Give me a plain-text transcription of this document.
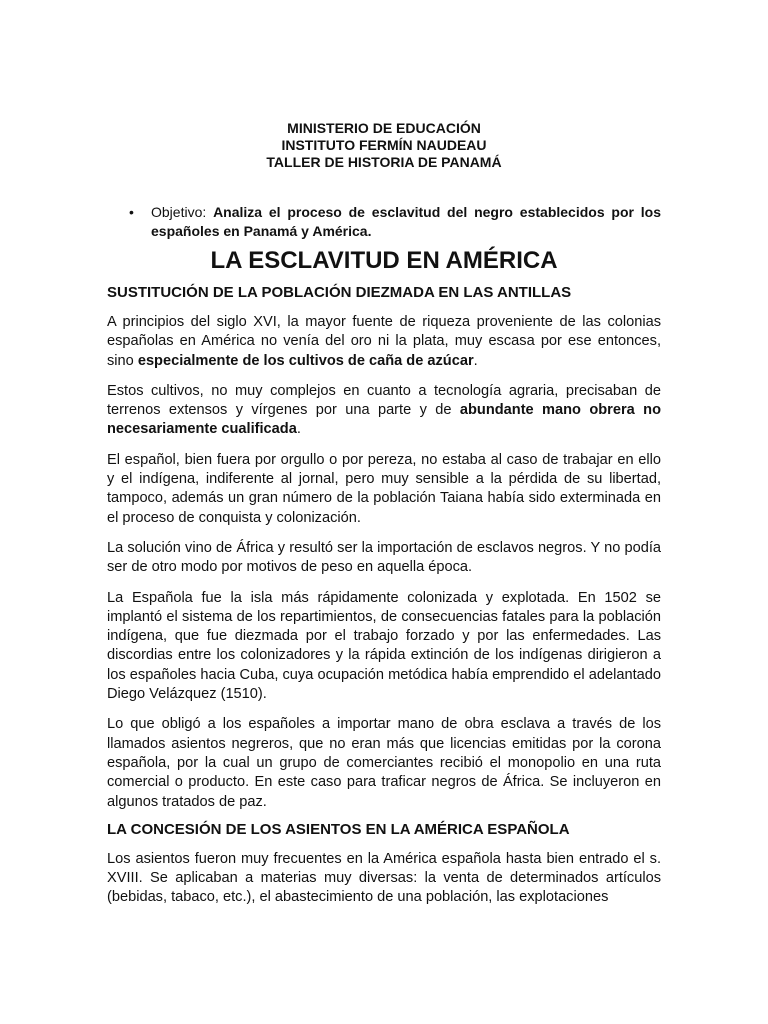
MINISTERIO DE EDUCACIÓN
INSTITUTO FERMÍN NAUDEAU
TALLER DE HISTORIA DE PANAMÁ
• Objetivo: Analiza el proceso de esclavitud del negro establecidos por los españoles en Panamá y América.
LA ESCLAVITUD EN AMÉRICA
SUSTITUCIÓN DE LA POBLACIÓN DIEZMADA EN LAS ANTILLAS

A principios del siglo XVI, la mayor fuente de riqueza proveniente de las colonias españolas en América no venía del oro ni la plata, muy escasa por ese entonces, sino especialmente de los cultivos de caña de azúcar.

Estos cultivos, no muy complejos en cuanto a tecnología agraria, precisaban de terrenos extensos y vírgenes por una parte y de abundante mano obrera no necesariamente cualificada.

El español, bien fuera por orgullo o por pereza, no estaba al caso de trabajar en ello y el indígena, indiferente al jornal, pero muy sensible a la pérdida de su libertad, tampoco, además un gran número de la población Taiana había sido exterminada en el proceso de conquista y colonización.

La solución vino de África y resultó ser la importación de esclavos negros. Y no podía ser de otro modo por motivos de peso en aquella época.

La Española fue la isla más rápidamente colonizada y explotada. En 1502 se implantó el sistema de los repartimientos, de consecuencias fatales para la población indígena, que fue diezmada por el trabajo forzado y por las enfermedades. Las discordias entre los colonizadores y la rápida extinción de los indígenas dirigieron a los españoles hacia Cuba, cuya ocupación metódica había emprendido el adelantado Diego Velázquez (1510).

Lo que obligó a los españoles a importar mano de obra esclava a través de los llamados asientos negreros, que no eran más que licencias emitidas por la corona española, por la cual un grupo de comerciantes recibió el monopolio en una ruta comercial o producto. En este caso para traficar negros de África. Se incluyeron en algunos tratados de paz.

LA CONCESIÓN DE LOS ASIENTOS EN LA AMÉRICA ESPAÑOLA

Los asientos fueron muy frecuentes en la América española hasta bien entrado el s. XVIII. Se aplicaban a materias muy diversas: la venta de determinados artículos (bebidas, tabaco, etc.), el abastecimiento de una población, las explotaciones
